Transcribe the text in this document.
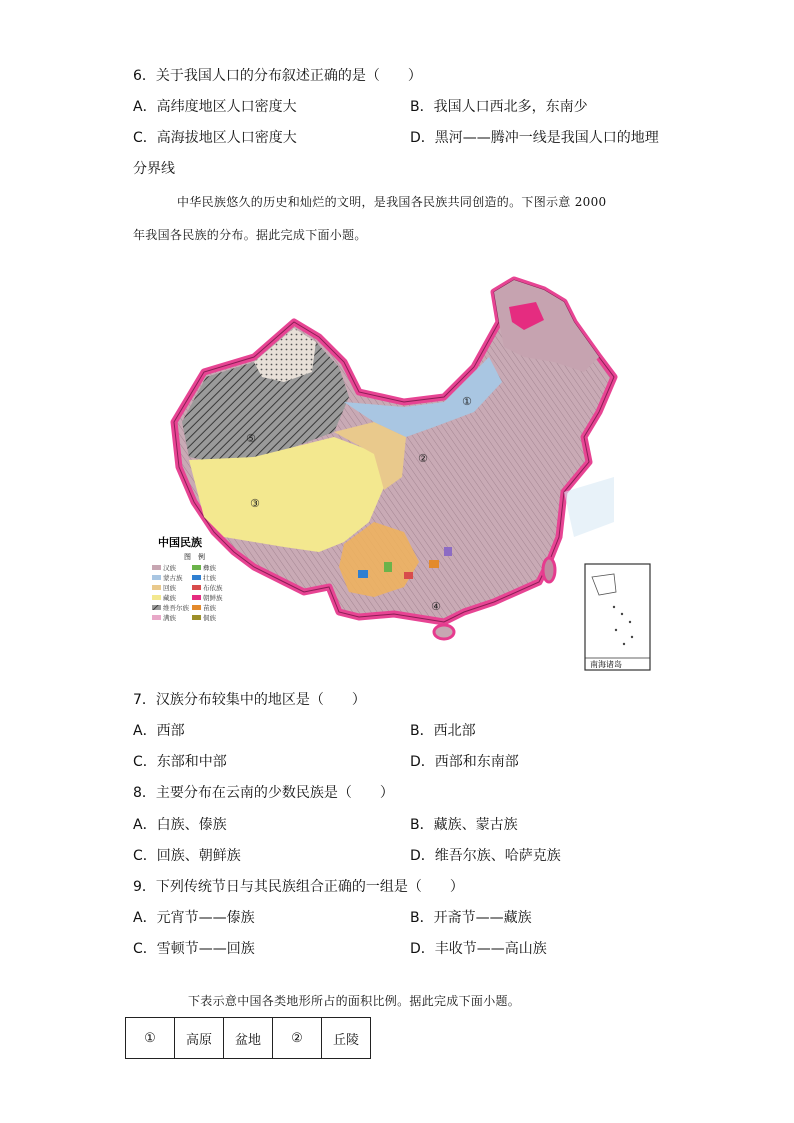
6．关于我国人口的分布叙述正确的是（　　）
A．高纬度地区人口密度大	B．我国人口西北多，东南少
C．高海拔地区人口密度大	D．黑河——腾冲一线是我国人口的地理
分界线
中华民族悠久的历史和灿烂的文明，是我国各民族共同创造的。下图示意 2000
年我国各民族的分布。据此完成下面小题。
①
②
③
④
⑤
中国民族
图　例
汉族
蒙古族
回族
藏族
维吾尔族
满族
彝族
壮族
布依族
朝鲜族
苗族
侗族
南海诸岛
7．汉族分布较集中的地区是（　　）
A．西部	B．西北部
C．东部和中部	D．西部和东南部
8．主要分布在云南的少数民族是（　　）
A．白族、傣族	B．藏族、蒙古族
C．回族、朝鲜族	D．维吾尔族、哈萨克族
9．下列传统节日与其民族组合正确的一组是（　　）
A．元宵节——傣族	B．开斋节——藏族
C．雪顿节——回族	D．丰收节——高山族
下表示意中国各类地形所占的面积比例。据此完成下面小题。
①	高原	盆地	②	丘陵
